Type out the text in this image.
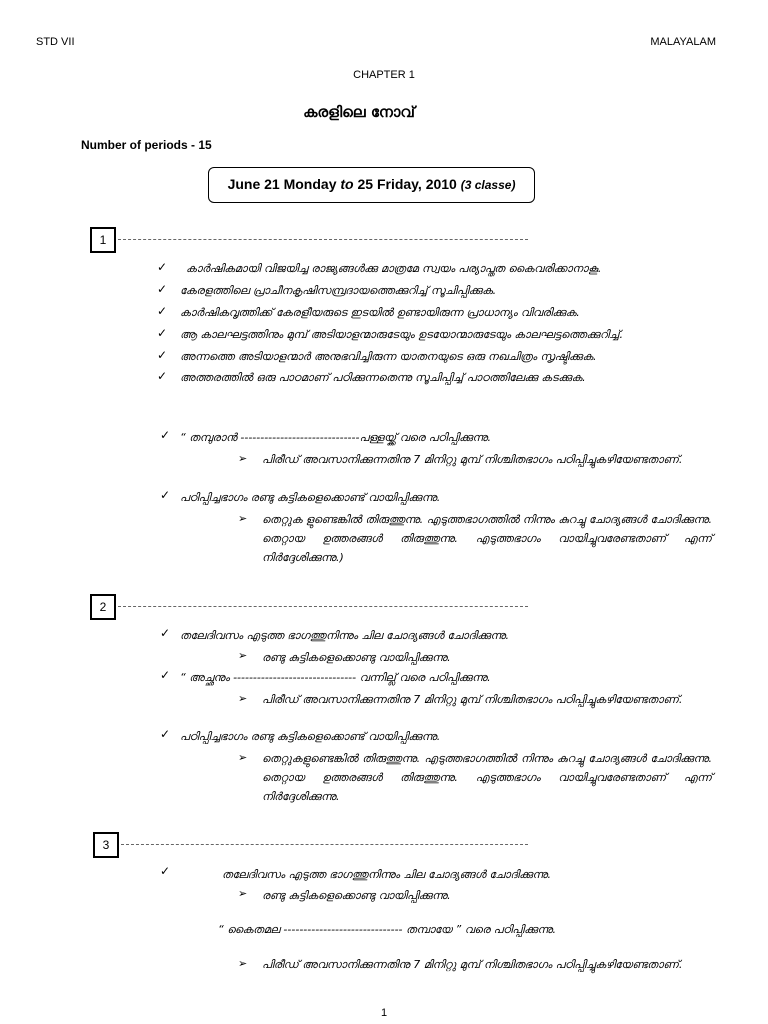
STD VII	MALAYALAM
CHAPTER 1
കരളിലെ നോവ്
Number of periods - 15
June 21 Monday to 25 Friday, 2010 (3 classe)
1
✓ കാർഷികമായി വിജയിച്ച രാജ്യങ്ങൾക്കു മാത്രമേ സ്വയം പര്യാപ്തത കൈവരിക്കാനാകൂ.
✓ കേരളത്തിലെ പ്രാചീനകൃഷിസമ്പ്രദായത്തെക്കുറിച്ച് സൂചിപ്പിക്കുക.
✓ കാർഷികവൃത്തിക്ക് കേരളീയരുടെ ഇടയിൽ ഉണ്ടായിരുന്ന പ്രാധാന്യം വിവരിക്കുക.
✓ ആ കാലഘട്ടത്തിനും മുമ്പ് അടിയാളന്മാരുടേയും ഉടയോന്മാരുടേയും കാലഘട്ടത്തെക്കുറിച്ച്.
✓ അന്നത്തെ അടിയാളന്മാർ അനുഭവിച്ചിരുന്ന യാതനയുടെ ഒരു നഖചിത്രം സൃഷ്ടിക്കുക.
✓ അത്തരത്തിൽ ഒരു പാഠമാണ് പഠിക്കുന്നതെന്നു സൂചിപ്പിച്ച് പാഠത്തിലേക്കു കടക്കുക.
✓ “ തമ്പുരാൻ ------------------------------പള്ളയ്ക്ക് വരെ പഠിപ്പിക്കുന്നു.
➢ പിരീഡ് അവസാനിക്കുന്നതിനു 7 മിനിറ്റു മുമ്പ് നിശ്ചിതഭാഗം പഠിപ്പിച്ചുകഴിയേണ്ടതാണ്.
✓ പഠിപ്പിച്ചഭാഗം രണ്ടു കുട്ടികളെക്കൊണ്ട് വായിപ്പിക്കുന്നു.
➢ തെറ്റുക ളുണ്ടെങ്കിൽ തിരുത്തുന്നു. എടുത്തഭാഗത്തിൽ നിന്നും കുറച്ചു ചോദ്യങ്ങൾ ചോദിക്കുന്നു. തെറ്റായ ഉത്തരങ്ങൾ തിരുത്തുന്നു. എടുത്തഭാഗം വായിച്ചുവരേണ്ടതാണ് എന്ന് നിർദ്ദേശിക്കുന്നു.)
2
✓ തലേദിവസം എടുത്ത ഭാഗത്തുനിന്നും ചില ചോദ്യങ്ങൾ ചോദിക്കുന്നു.
➢ രണ്ടു കുട്ടികളെക്കൊണ്ടു വായിപ്പിക്കുന്നു.
✓ “ അച്ഛനും ------------------------------- വന്നില്ല് വരെ പഠിപ്പിക്കുന്നു.
➢ പിരീഡ് അവസാനിക്കുന്നതിനു 7 മിനിറ്റു മുമ്പ് നിശ്ചിതഭാഗം പഠിപ്പിച്ചുകഴിയേണ്ടതാണ്.
✓ പഠിപ്പിച്ചഭാഗം രണ്ടു കുട്ടികളെക്കൊണ്ട് വായിപ്പിക്കുന്നു.
➢ തെറ്റുകളുണ്ടെങ്കിൽ തിരുത്തുന്നു. എടുത്തഭാഗത്തിൽ നിന്നും കുറച്ചു ചോദ്യങ്ങൾ ചോദിക്കുന്നു. തെറ്റായ ഉത്തരങ്ങൾ തിരുത്തുന്നു. എടുത്തഭാഗം വായിച്ചുവരേണ്ടതാണ് എന്ന് നിർദ്ദേശിക്കുന്നു.
3
✓	തലേദിവസം എടുത്ത ഭാഗത്തുനിന്നും ചില ചോദ്യങ്ങൾ ചോദിക്കുന്നു.
➢ രണ്ടു കുട്ടികളെക്കൊണ്ടു വായിപ്പിക്കുന്നു.
“ കൈതമല ------------------------------ തമ്പായേ ” വരെ പഠിപ്പിക്കുന്നു.
➢ പിരീഡ് അവസാനിക്കുന്നതിനു 7 മിനിറ്റു മുമ്പ് നിശ്ചിതഭാഗം പഠിപ്പിച്ചുകഴിയേണ്ടതാണ്.
1
